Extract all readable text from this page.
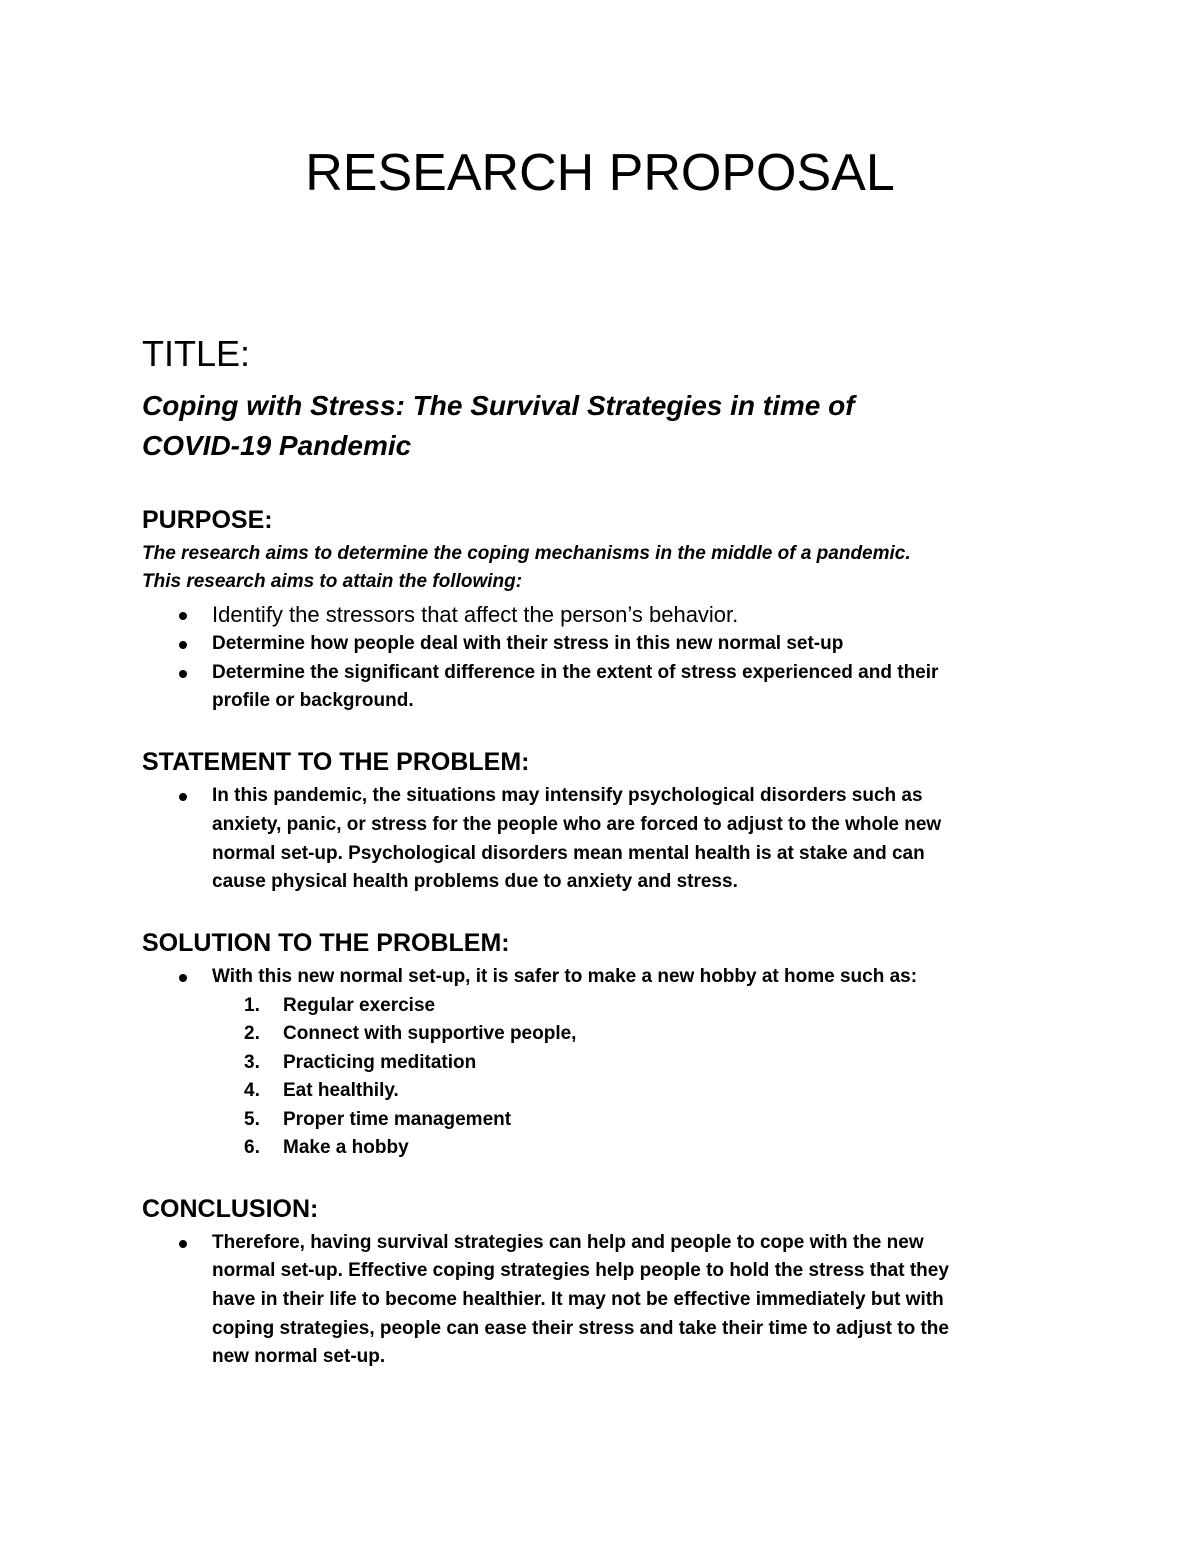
RESEARCH PROPOSAL
TITLE:
Coping with Stress: The Survival Strategies in time of
COVID-19 Pandemic
PURPOSE:
The research aims to determine the coping mechanisms in the middle of a pandemic.
This research aims to attain the following:
Identify the stressors that affect the person’s behavior.
Determine how people deal with their stress in this new normal set-up
Determine the significant difference in the extent of stress experienced and their
profile or background.
STATEMENT TO THE PROBLEM:
In this pandemic, the situations may intensify psychological disorders such as
anxiety, panic, or stress for the people who are forced to adjust to the whole new
normal set-up. Psychological disorders mean mental health is at stake and can
cause physical health problems due to anxiety and stress.
SOLUTION TO THE PROBLEM:
With this new normal set-up, it is safer to make a new hobby at home such as:
1. Regular exercise
2. Connect with supportive people,
3. Practicing meditation
4. Eat healthily.
5. Proper time management
6. Make a hobby
CONCLUSION:
Therefore, having survival strategies can help and people to cope with the new
normal set-up. Effective coping strategies help people to hold the stress that they
have in their life to become healthier. It may not be effective immediately but with
coping strategies, people can ease their stress and take their time to adjust to the
new normal set-up.
